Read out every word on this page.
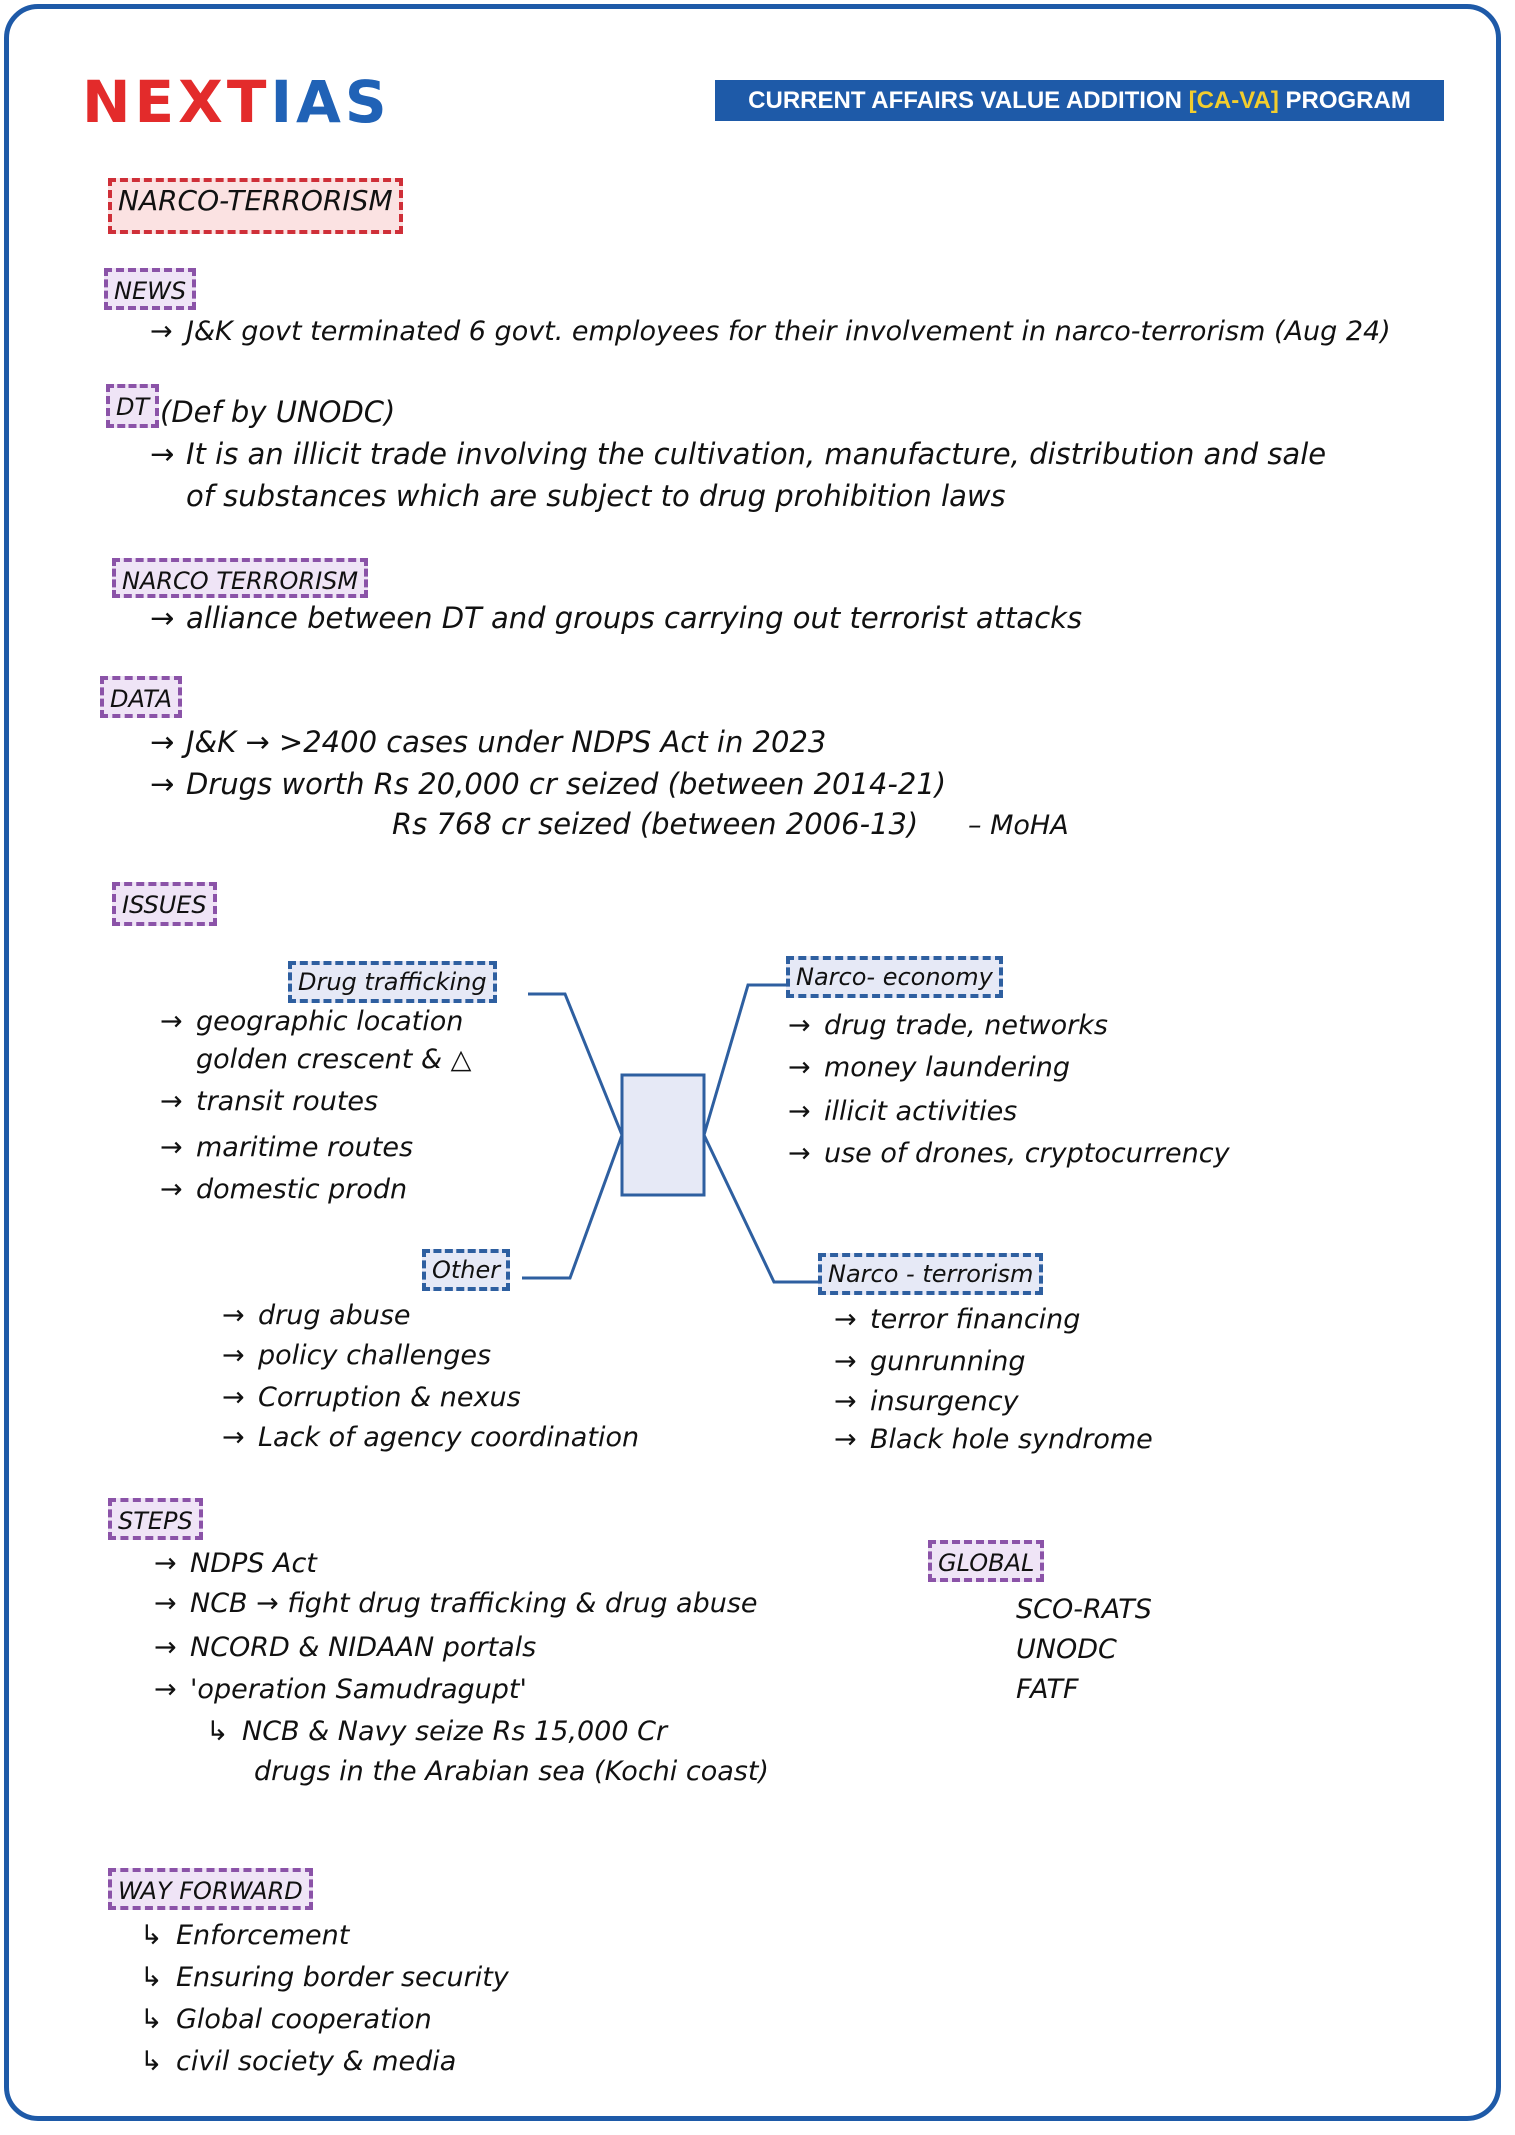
NEXTIAS	CURRENT AFFAIRS VALUE ADDITION [CA-VA] PROGRAM
NARCO-TERRORISM
NEWS
→ J&K govt terminated 6 govt. employees for their involvement in narco-terrorism (Aug 24)
DT (Def by UNODC)
→ It is an illicit trade involving the cultivation, manufacture, distribution and sale
of substances which are subject to drug prohibition laws
NARCO TERRORISM
→ alliance between DT and groups carrying out terrorist attacks
DATA
→ J&K → >2400 cases under NDPS Act in 2023
→ Drugs worth Rs 20,000 cr seized (between 2014-21)
Rs 768 cr seized (between 2006-13) – MoHA
ISSUES
Drug trafficking
→ geographic location
golden crescent & △
→ transit routes
→ maritime routes
→ domestic prodn
Narco- economy
→ drug trade, networks
→ money laundering
→ illicit activities
→ use of drones, cryptocurrency
Other
→ drug abuse
→ policy challenges
→ Corruption & nexus
→ Lack of agency coordination
Narco - terrorism
→ terror financing
→ gunrunning
→ insurgency
→ Black hole syndrome
STEPS
→ NDPS Act
→ NCB → fight drug trafficking & drug abuse
→ NCORD & NIDAAN portals
→ 'operation Samudragupt'
↳ NCB & Navy seize Rs 15,000 Cr
drugs in the Arabian sea (Kochi coast)
GLOBAL
SCO-RATS
UNODC
FATF
WAY FORWARD
↳ Enforcement
↳ Ensuring border security
↳ Global cooperation
↳ civil society & media
